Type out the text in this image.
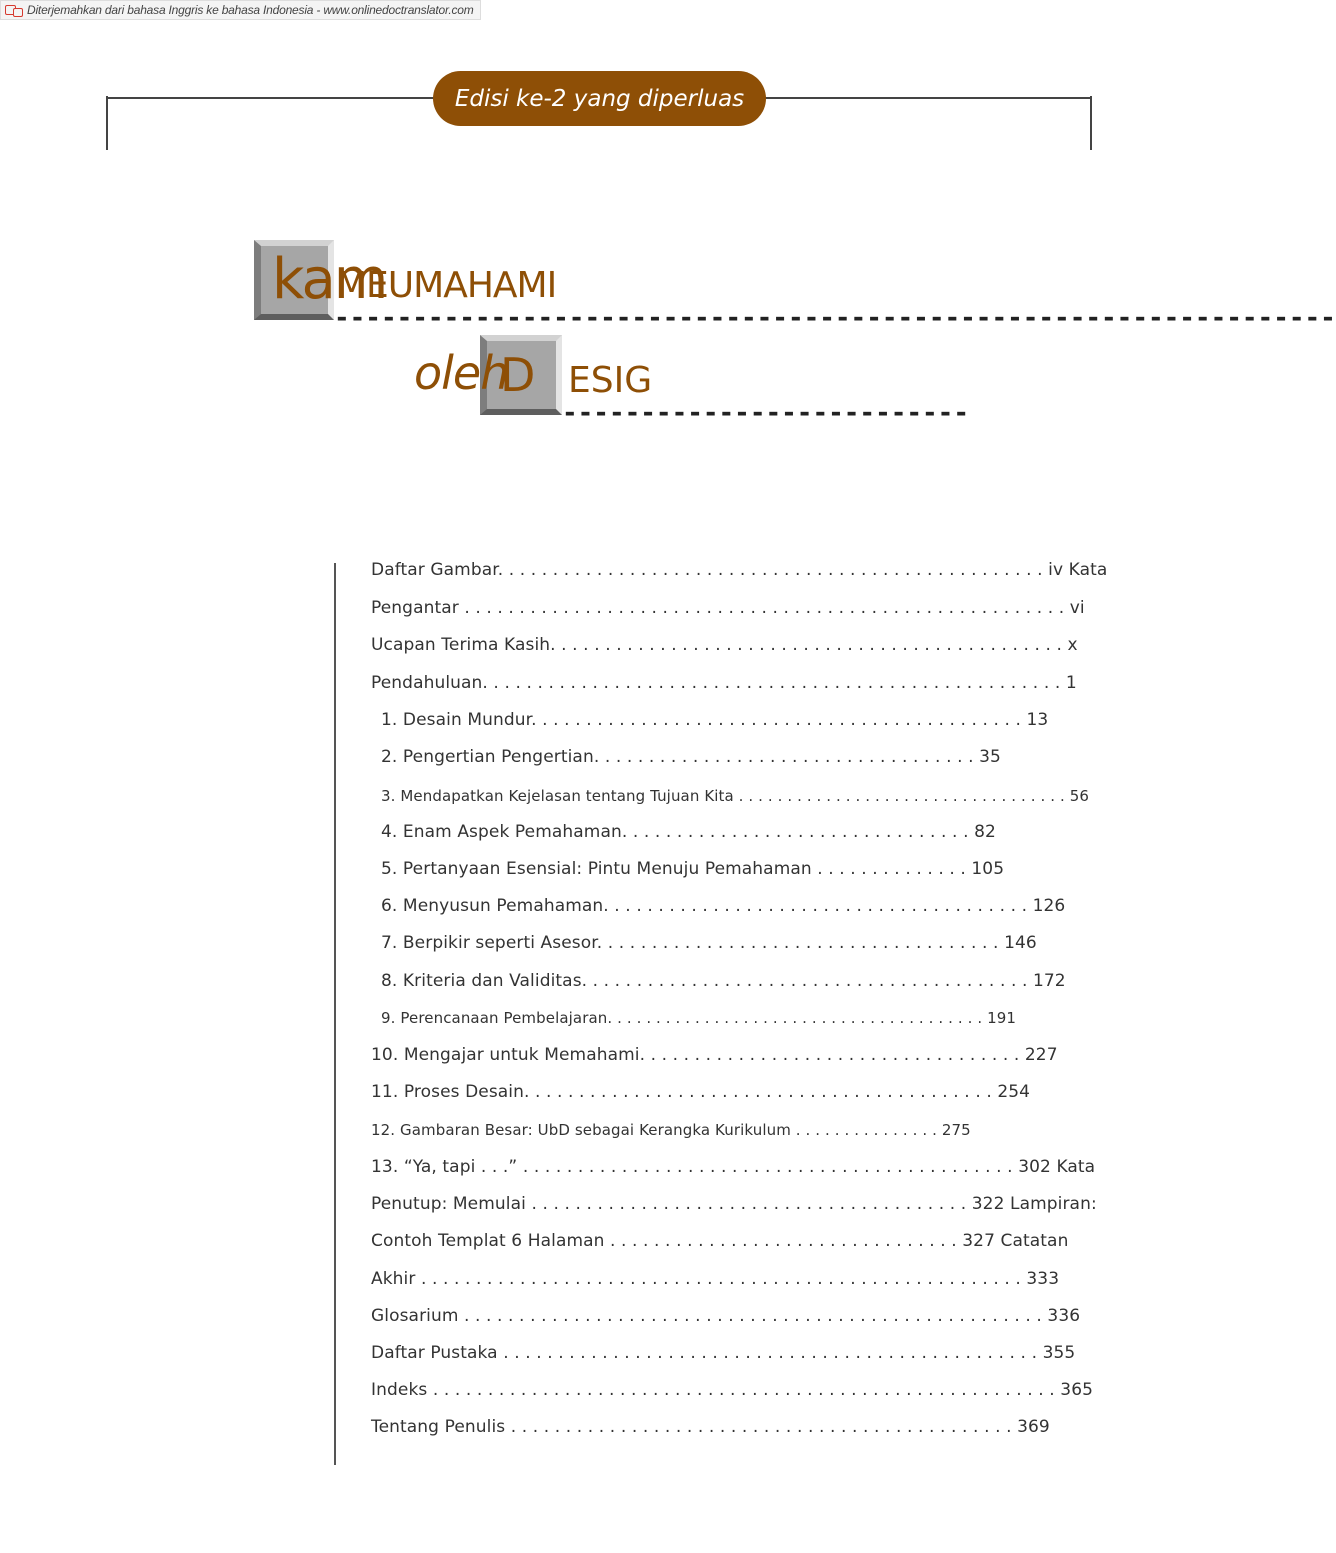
Diterjemahkan dari bahasa Inggris ke bahasa Indonesia - www.onlinedoctranslator.com
Edisi ke-2 yang diperluas
kam
MEUMAHAMI
----------------------------------------------------------------
oleh
D ESIG
--------------------------
Daftar Gambar. . . . . . . . . . . . . . . . . . . . . . . . . . . . . . . . . . . . . . . . . . . . . . . . . . iv Kata
Pengantar . . . . . . . . . . . . . . . . . . . . . . . . . . . . . . . . . . . . . . . . . . . . . . . . . . . . . . . vi
Ucapan Terima Kasih. . . . . . . . . . . . . . . . . . . . . . . . . . . . . . . . . . . . . . . . . . . . . . . x
Pendahuluan. . . . . . . . . . . . . . . . . . . . . . . . . . . . . . . . . . . . . . . . . . . . . . . . . . . . . 1
1. Desain Mundur. . . . . . . . . . . . . . . . . . . . . . . . . . . . . . . . . . . . . . . . . . . . . 13
2. Pengertian Pengertian. . . . . . . . . . . . . . . . . . . . . . . . . . . . . . . . . . . 35
3. Mendapatkan Kejelasan tentang Tujuan Kita . . . . . . . . . . . . . . . . . . . . . . . . . . . . . . . . . . 56
4. Enam Aspek Pemahaman. . . . . . . . . . . . . . . . . . . . . . . . . . . . . . . . 82
5. Pertanyaan Esensial: Pintu Menuju Pemahaman . . . . . . . . . . . . . . 105
6. Menyusun Pemahaman. . . . . . . . . . . . . . . . . . . . . . . . . . . . . . . . . . . . . . . 126
7. Berpikir seperti Asesor. . . . . . . . . . . . . . . . . . . . . . . . . . . . . . . . . . . . . 146
8. Kriteria dan Validitas. . . . . . . . . . . . . . . . . . . . . . . . . . . . . . . . . . . . . . . . . 172
9. Perencanaan Pembelajaran. . . . . . . . . . . . . . . . . . . . . . . . . . . . . . . . . . . . . . . 191
10. Mengajar untuk Memahami. . . . . . . . . . . . . . . . . . . . . . . . . . . . . . . . . . . 227
11. Proses Desain. . . . . . . . . . . . . . . . . . . . . . . . . . . . . . . . . . . . . . . . . . . 254
12. Gambaran Besar: UbD sebagai Kerangka Kurikulum . . . . . . . . . . . . . . . 275
13. “Ya, tapi . . .” . . . . . . . . . . . . . . . . . . . . . . . . . . . . . . . . . . . . . . . . . . . . . 302 Kata
Penutup: Memulai . . . . . . . . . . . . . . . . . . . . . . . . . . . . . . . . . . . . . . . . 322 Lampiran:
Contoh Templat 6 Halaman . . . . . . . . . . . . . . . . . . . . . . . . . . . . . . . . 327 Catatan
Akhir . . . . . . . . . . . . . . . . . . . . . . . . . . . . . . . . . . . . . . . . . . . . . . . . . . . . . . . 333
Glosarium . . . . . . . . . . . . . . . . . . . . . . . . . . . . . . . . . . . . . . . . . . . . . . . . . . . . . 336
Daftar Pustaka . . . . . . . . . . . . . . . . . . . . . . . . . . . . . . . . . . . . . . . . . . . . . . . . . 355
Indeks . . . . . . . . . . . . . . . . . . . . . . . . . . . . . . . . . . . . . . . . . . . . . . . . . . . . . . . . . 365
Tentang Penulis . . . . . . . . . . . . . . . . . . . . . . . . . . . . . . . . . . . . . . . . . . . . . . 369
